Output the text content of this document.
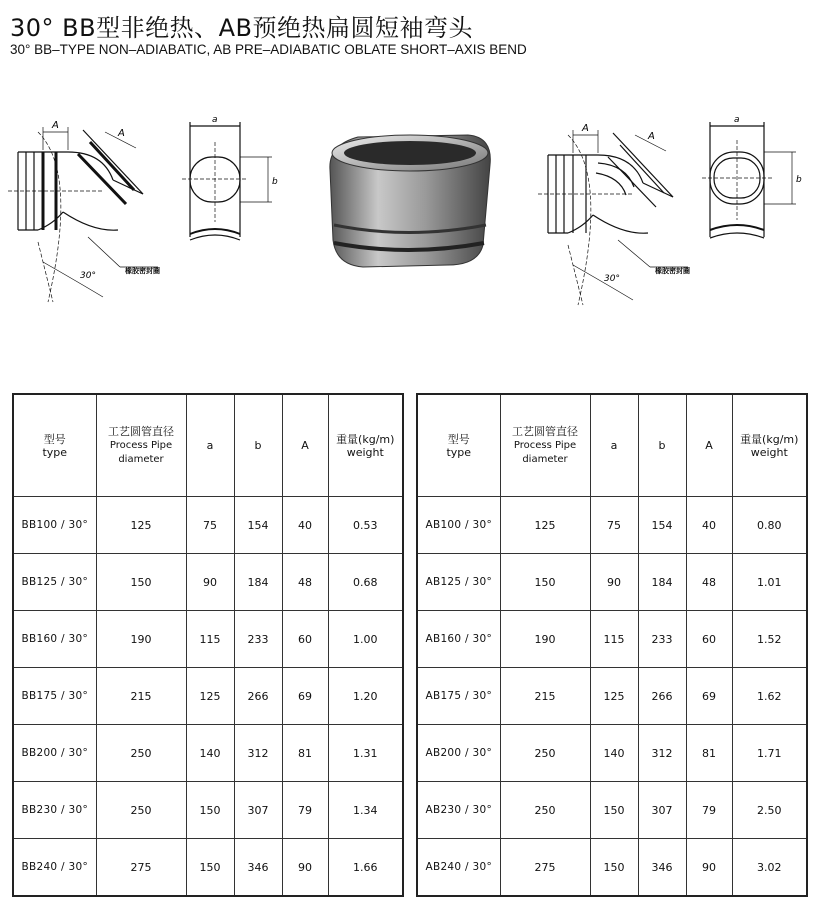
30° BB型非绝热、AB预绝热扁圆短袖弯头
30° BB–TYPE NON–ADIABATIC, AB PRE–ADIABATIC OBLATE SHORT–AXIS BEND
A
A
30°	橡胶密封圈
a
b
A
A
30°
橡胶密封圈
a
b
型号
type	工艺圆管直径
Process Pipe
diameter	a	b	A	重量(kg/m)
weight
BB100 / 30°	125	75	154	40	0.53
BB125 / 30°	150	90	184	48	0.68
BB160 / 30°	190	115	233	60	1.00
BB175 / 30°	215	125	266	69	1.20
BB200 / 30°	250	140	312	81	1.31
BB230 / 30°	250	150	307	79	1.34
BB240 / 30°	275	150	346	90	1.66
型号
type	工艺圆管直径
Process Pipe
diameter	a	b	A	重量(kg/m)
weight
AB100 / 30°	125	75	154	40	0.80
AB125 / 30°	150	90	184	48	1.01
AB160 / 30°	190	115	233	60	1.52
AB175 / 30°	215	125	266	69	1.62
AB200 / 30°	250	140	312	81	1.71
AB230 / 30°	250	150	307	79	2.50
AB240 / 30°	275	150	346	90	3.02
